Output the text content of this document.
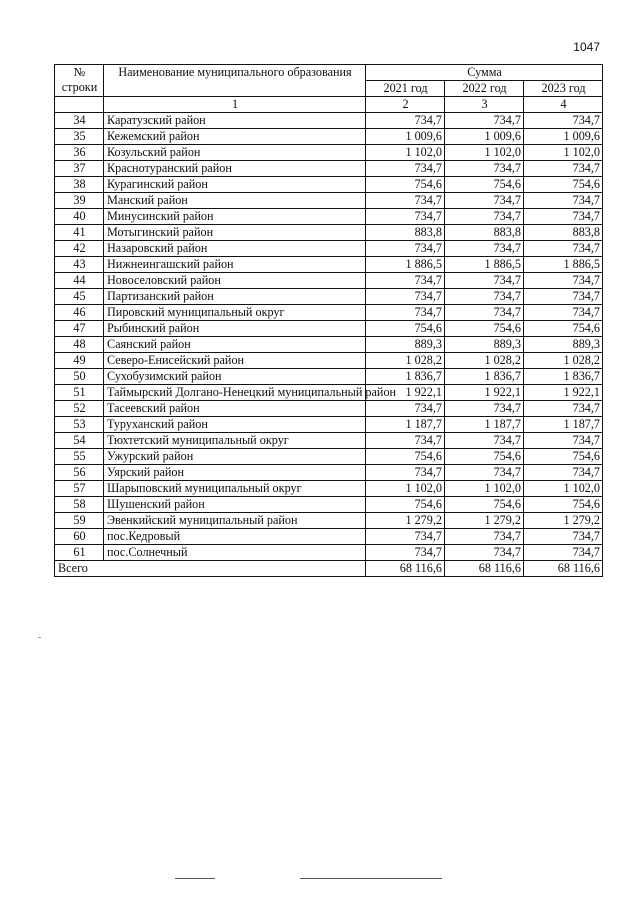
1047
№ строки	Наименование муниципального образования	Сумма		
		2021 год	2022 год	2023 год
	1	2	3	4
34	Каратузский район	734,7	734,7	734,7
35	Кежемский район	1 009,6	1 009,6	1 009,6
36	Козульский район	1 102,0	1 102,0	1 102,0
37	Краснотуранский район	734,7	734,7	734,7
38	Курагинский район	754,6	754,6	754,6
39	Манский район	734,7	734,7	734,7
40	Минусинский район	734,7	734,7	734,7
41	Мотыгинский район	883,8	883,8	883,8
42	Назаровский район	734,7	734,7	734,7
43	Нижнеингашский район	1 886,5	1 886,5	1 886,5
44	Новоселовский район	734,7	734,7	734,7
45	Партизанский район	734,7	734,7	734,7
46	Пировский муниципальный округ	734,7	734,7	734,7
47	Рыбинский район	754,6	754,6	754,6
48	Саянский район	889,3	889,3	889,3
49	Северо-Енисейский район	1 028,2	1 028,2	1 028,2
50	Сухобузимский район	1 836,7	1 836,7	1 836,7
51	Таймырский Долгано-Ненецкий муниципальный район	1 922,1	1 922,1	1 922,1
52	Тасеевский район	734,7	734,7	734,7
53	Туруханский район	1 187,7	1 187,7	1 187,7
54	Тюхтетский муниципальный округ	734,7	734,7	734,7
55	Ужурский район	754,6	754,6	754,6
56	Уярский район	734,7	734,7	734,7
57	Шарыповский муниципальный округ	1 102,0	1 102,0	1 102,0
58	Шушенский район	754,6	754,6	754,6
59	Эвенкийский муниципальный район	1 279,2	1 279,2	1 279,2
60	пос.Кедровый	734,7	734,7	734,7
61	пос.Солнечный	734,7	734,7	734,7
Всего		68 116,6	68 116,6	68 116,6
